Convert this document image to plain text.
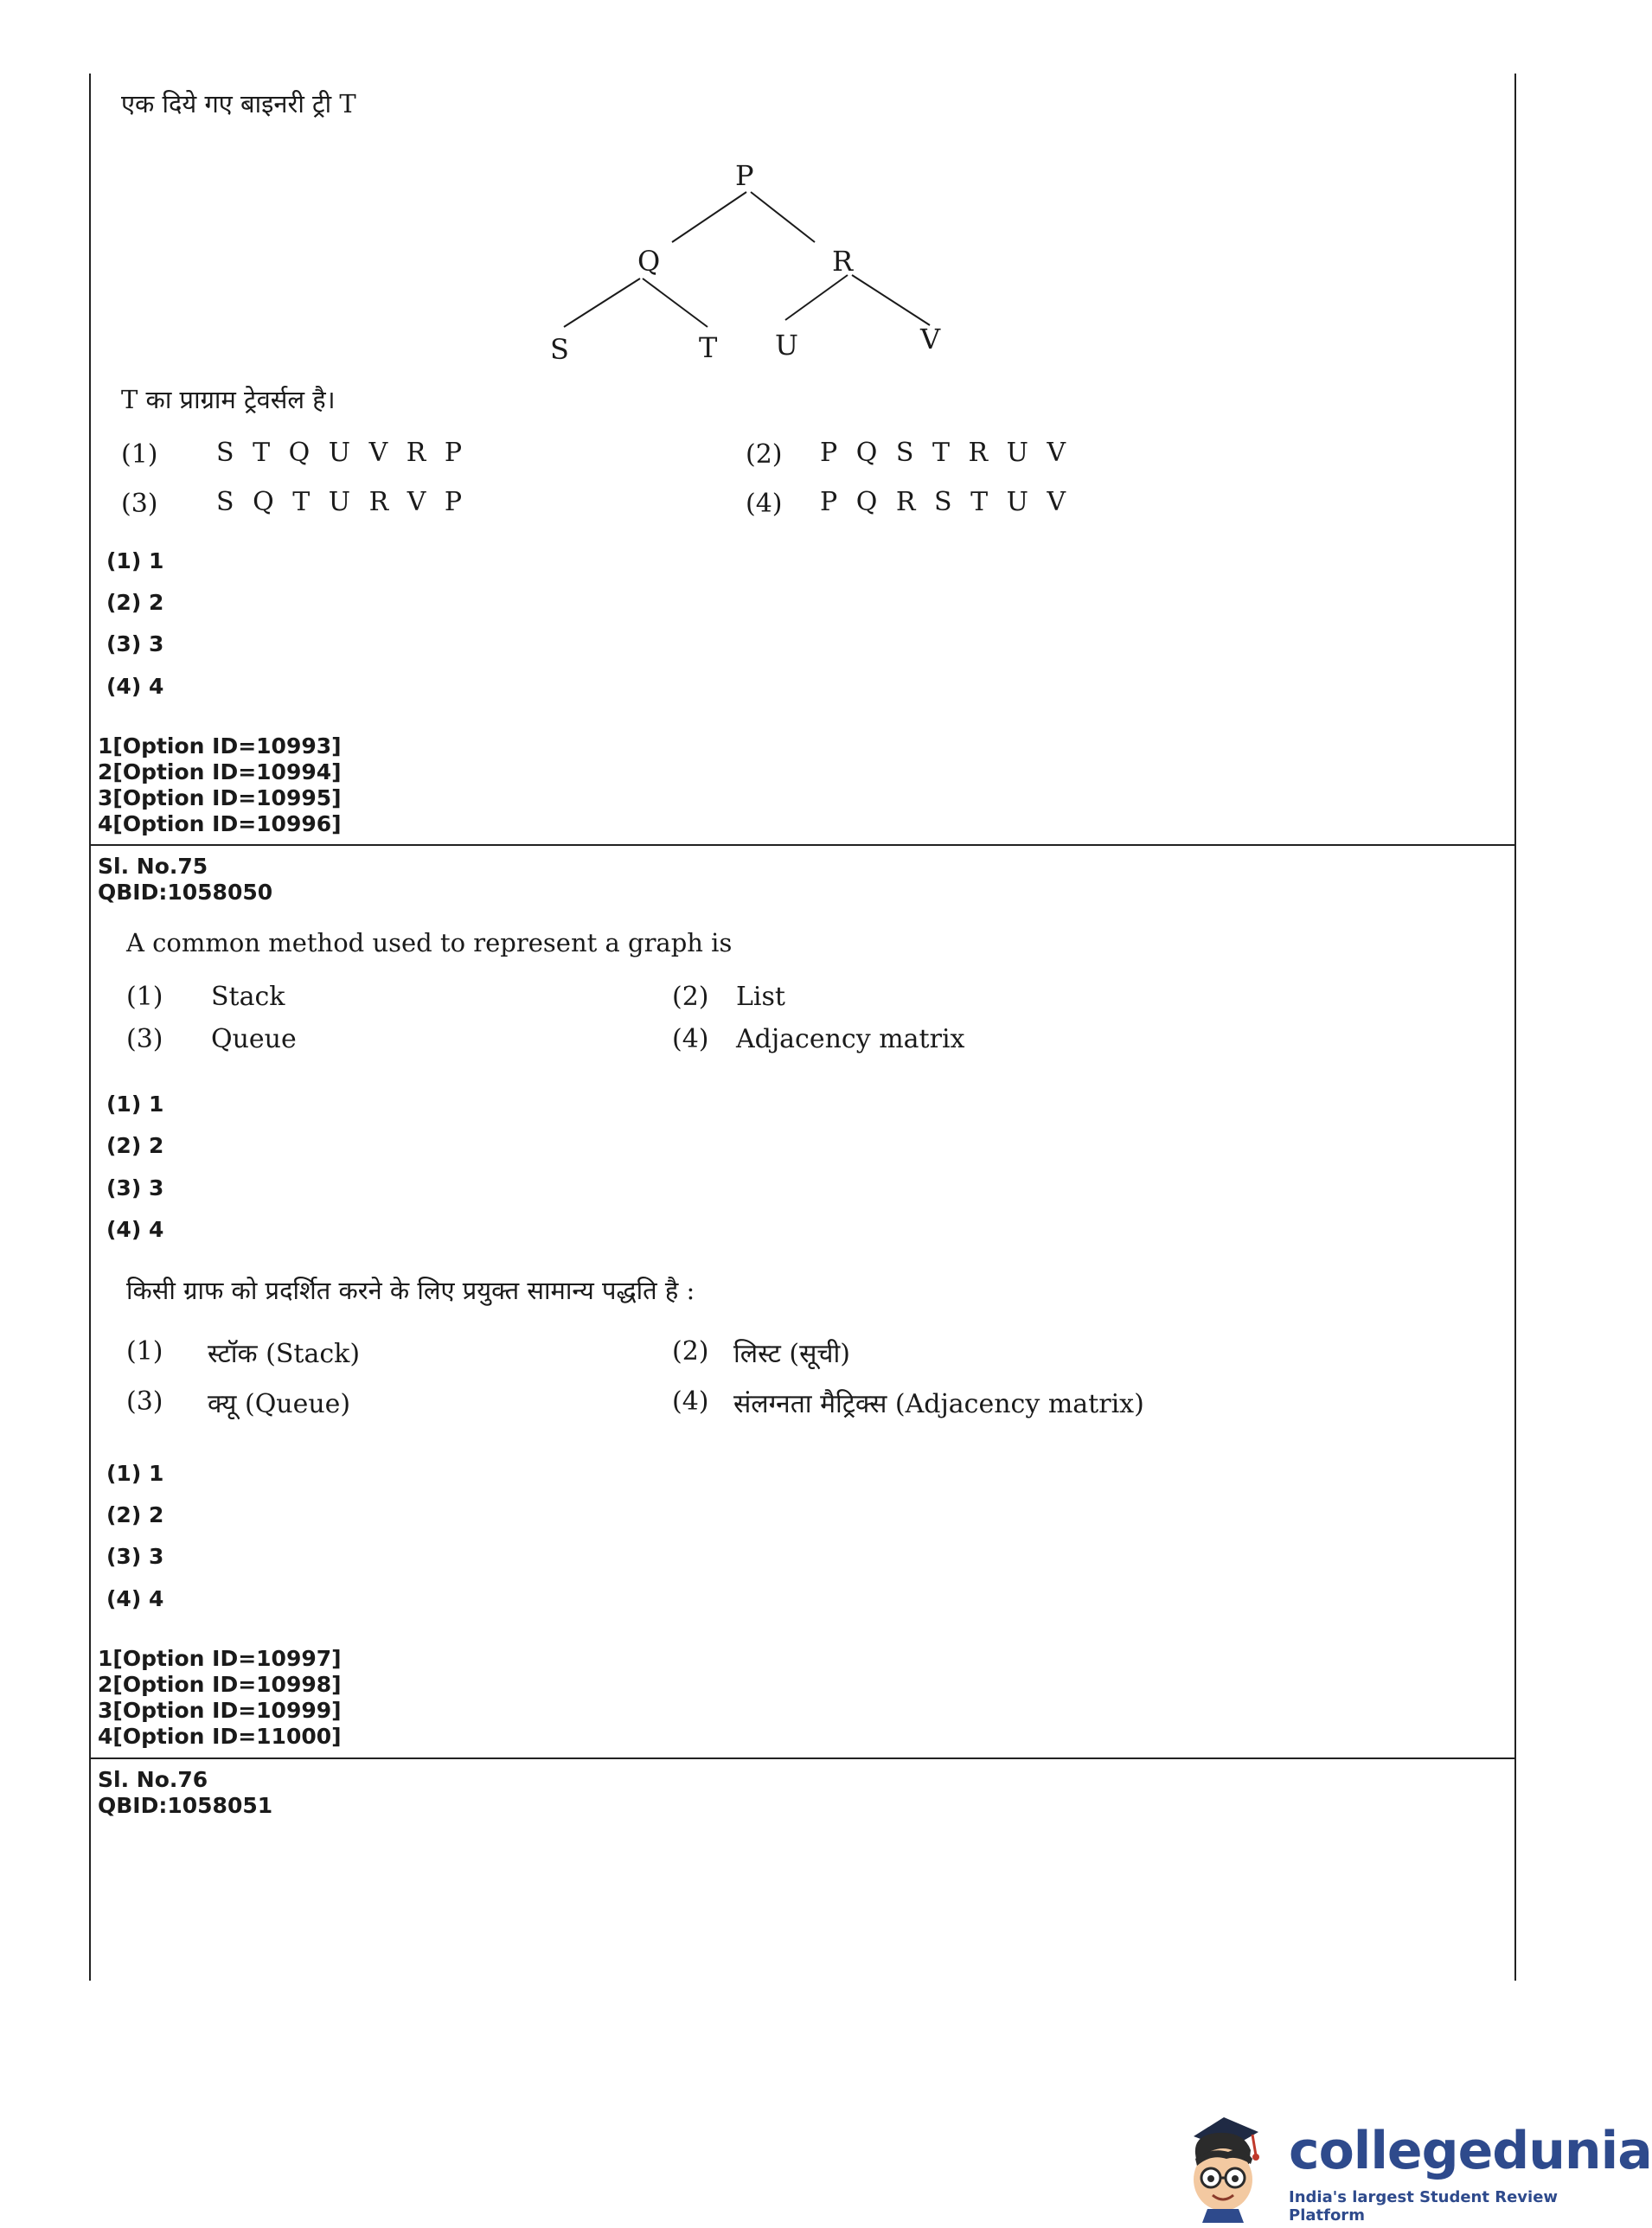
एक दिये गए बाइनरी ट्री T
P
Q	R
S	T U	V
T का प्राग्राम ट्रेवर्सल है।
(1) S T Q U V R P	(2) P Q S T R U V
(3) S Q T U R V P	(4) P Q R S T U V
(1) 1
(2) 2
(3) 3
(4) 4
1[Option ID=10993]
2[Option ID=10994]
3[Option ID=10995]
4[Option ID=10996]
Sl. No.75
QBID:1058050
A common method used to represent a graph is
(1) Stack	(2) List
(3) Queue	(4) Adjacency matrix
(1) 1
(2) 2
(3) 3
(4) 4
किसी ग्राफ को प्रदर्शित करने के लिए प्रयुक्त सामान्य पद्धति है :
(1) स्टॉक (Stack)	(2) लिस्ट (सूची)
(3) क्यू (Queue)	(4) संलग्नता मैट्रिक्स (Adjacency matrix)
(1) 1
(2) 2
(3) 3
(4) 4
1[Option ID=10997]
2[Option ID=10998]
3[Option ID=10999]
4[Option ID=11000]
Sl. No.76
QBID:1058051
collegedunia
India's largest Student Review Platform
